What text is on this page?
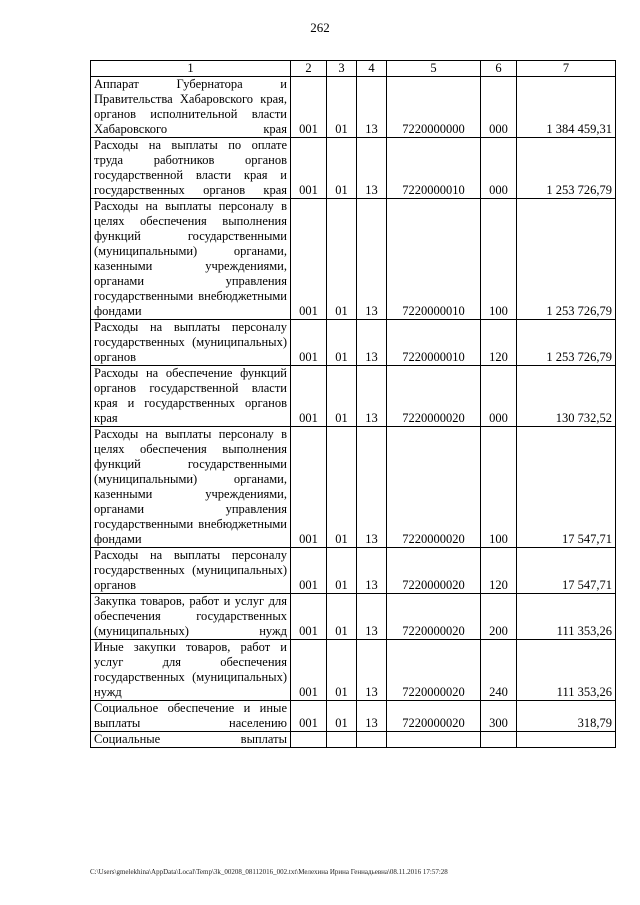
262
1	2	3	4	5	6	7
Аппарат Губернатора и Правительства Хабаровского края, органов исполнительной власти Хабаровского края	001	01	13	7220000000	000	1 384 459,31
Расходы на выплаты по оплате труда работников органов государственной власти края и государственных органов края	001	01	13	7220000010	000	1 253 726,79
Расходы на выплаты персоналу в целях обеспечения выполнения функций государственными (муниципальными) органами, казенными учреждениями, органами управления государственными внебюджетными фондами	001	01	13	7220000010	100	1 253 726,79
Расходы на выплаты персоналу государственных (муниципальных) органов	001	01	13	7220000010	120	1 253 726,79
Расходы на обеспечение функций органов государственной власти края и государственных органов края	001	01	13	7220000020	000	130 732,52
Расходы на выплаты персоналу в целях обеспечения выполнения функций государственными (муниципальными) органами, казенными учреждениями, органами управления государственными внебюджетными фондами	001	01	13	7220000020	100	17 547,71
Расходы на выплаты персоналу государственных (муниципальных) органов	001	01	13	7220000020	120	17 547,71
Закупка товаров, работ и услуг для обеспечения государственных (муниципальных) нужд	001	01	13	7220000020	200	111 353,26
Иные закупки товаров, работ и услуг для обеспечения государственных (муниципальных) нужд	001	01	13	7220000020	240	111 353,26
Социальное обеспечение и иные выплаты населению	001	01	13	7220000020	300	318,79
Социальные выплаты						
C:\Users\gmelekhina\AppData\Local\Temp\3k_00208_08112016_002.txt\Мелехина Ирина Геннадьевна\08.11.2016 17:57:28
